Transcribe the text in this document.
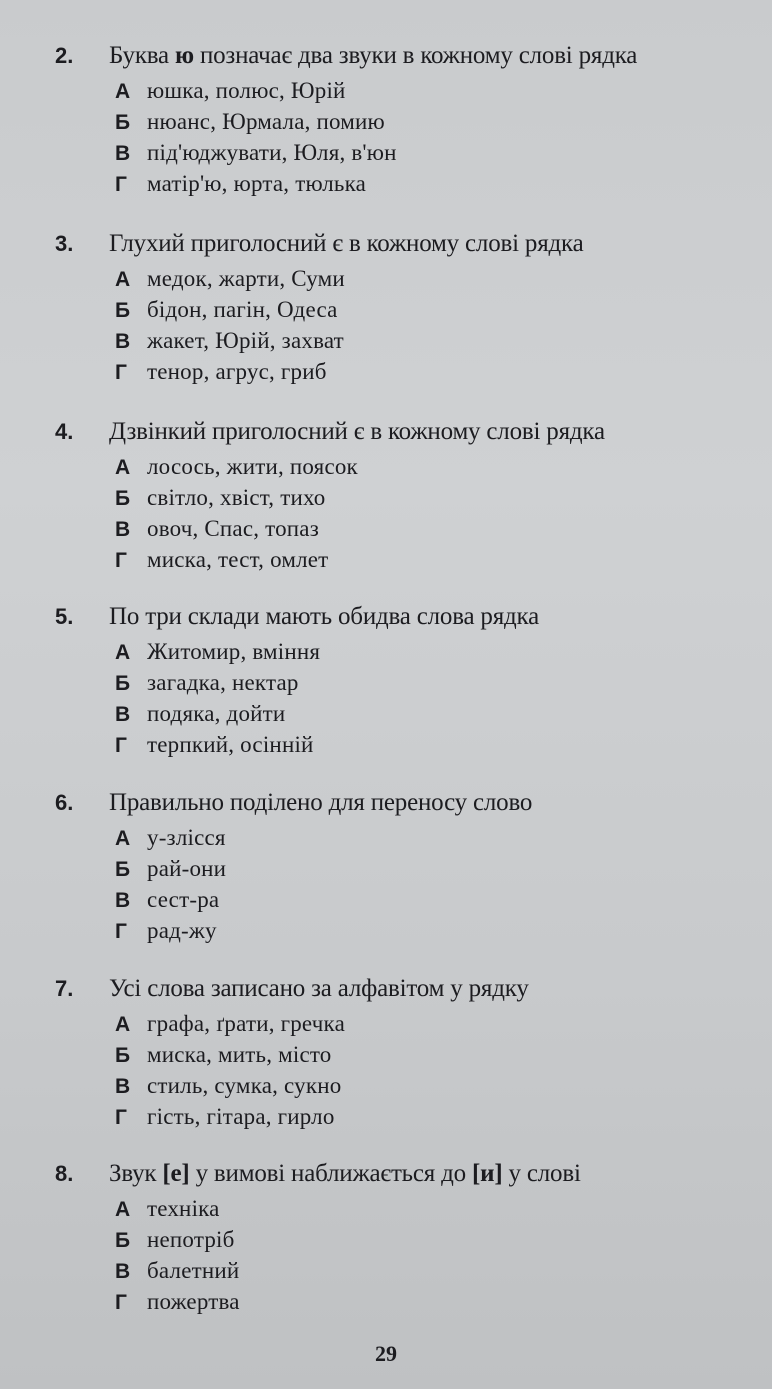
2.	Буква ю позначає два звуки в кожному слові рядка
А юшка, полюс, Юрій
Б нюанс, Юрмала, помию
В під'юджувати, Юля, в'юн
Г матір'ю, юрта, тюлька
3.	Глухий приголосний є в кожному слові рядка
А медок, жарти, Суми
Б бідон, пагін, Одеса
В жакет, Юрій, захват
Г тенор, агрус, гриб
4.	Дзвінкий приголосний є в кожному слові рядка
А лосось, жити, поясок
Б світло, хвіст, тихо
В овоч, Спас, топаз
Г миска, тест, омлет
5.	По три склади мають обидва слова рядка
А Житомир, вміння
Б загадка, нектар
В подяка, дойти
Г терпкий, осінній
6.	Правильно поділено для переносу слово
А у-злісся
Б рай-они
В сест-ра
Г рад-жу
7.	Усі слова записано за алфавітом у рядку
А графа, ґрати, гречка
Б миска, мить, місто
В стиль, сумка, сукно
Г гість, гітара, гирло
8.	Звук [е] у вимові наближається до [и] у слові
А техніка
Б непотріб
В балетний
Г пожертва
29
